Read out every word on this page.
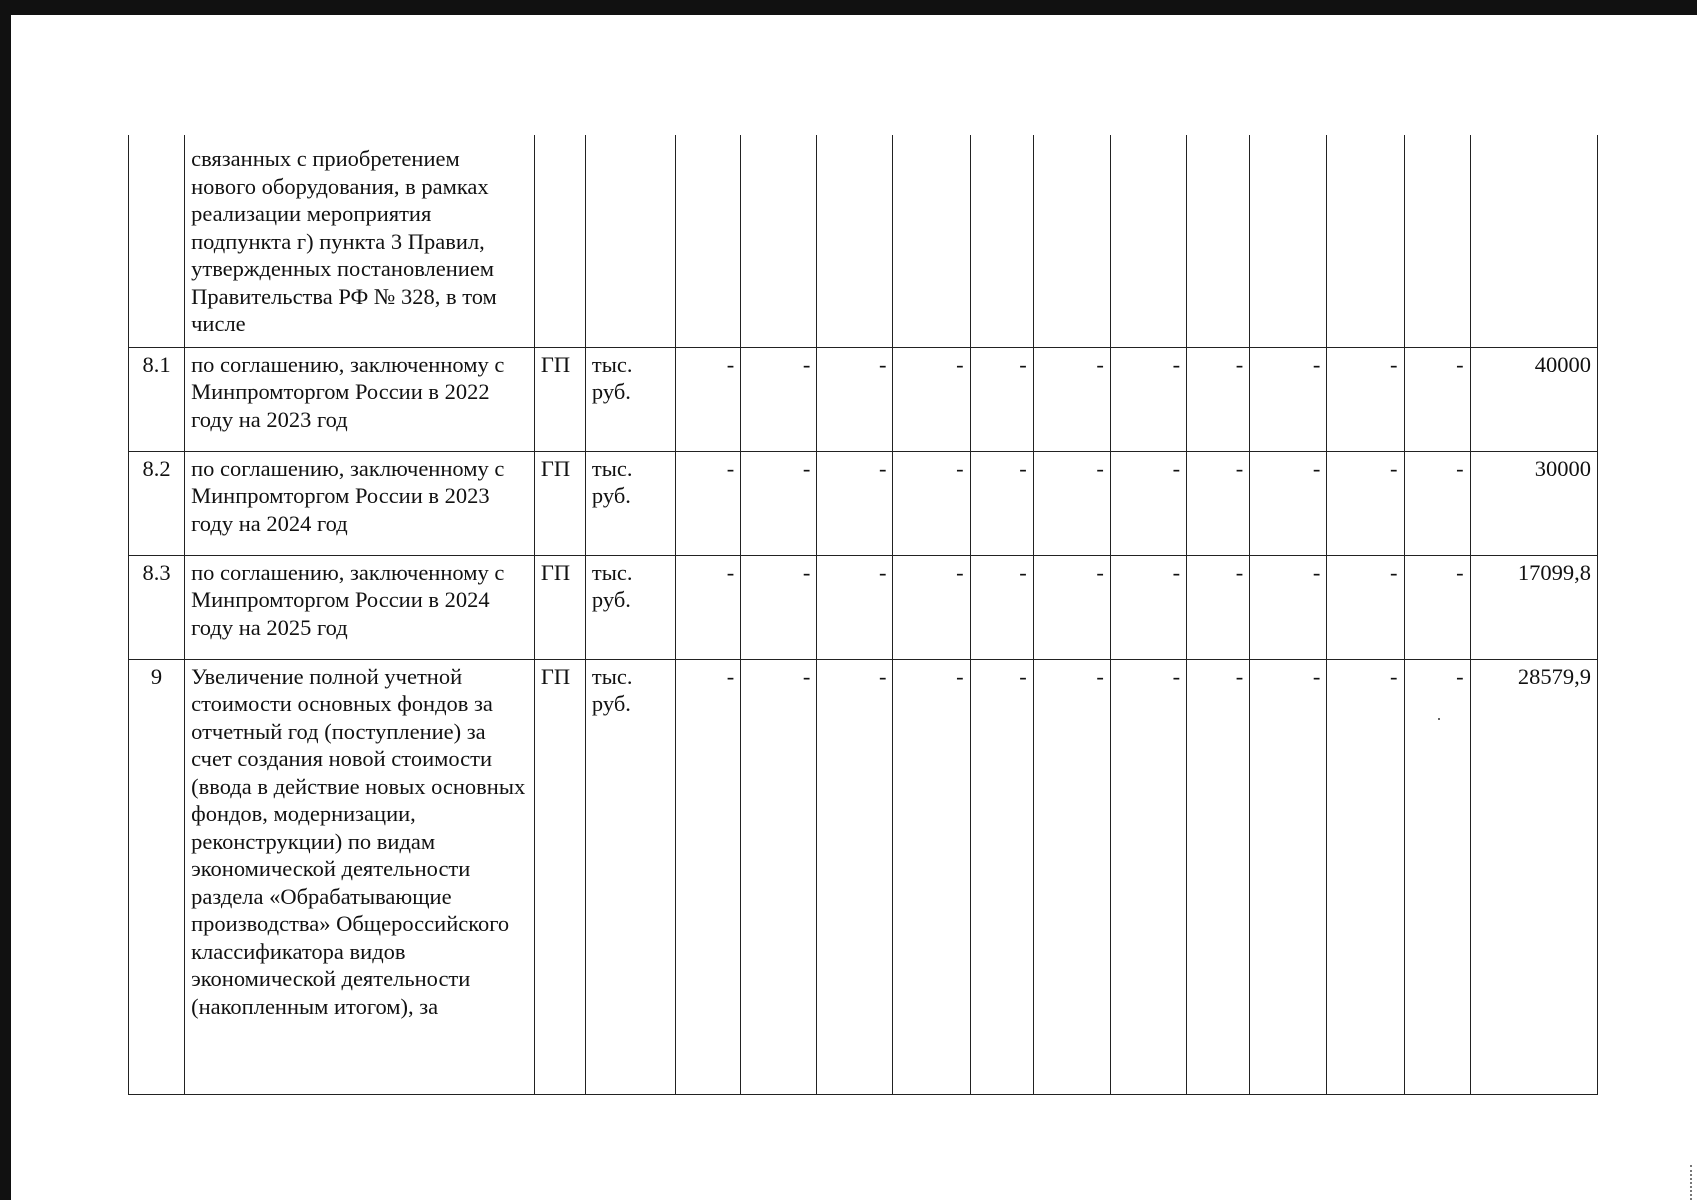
	связанных с приобретением нового оборудования, в рамках реализации мероприятия подпункта г) пункта 3 Правил, утвержденных постановлением Правительства РФ № 328, в том числе														
8.1	по соглашению, заключенному с Минпромторгом России в 2022 году на 2023 год	ГП	тыс. руб.	-	-	-	-	-	-	-	-	-	-	-	40000
8.2	по соглашению, заключенному с Минпромторгом России в 2023 году на 2024 год	ГП	тыс. руб.	-	-	-	-	-	-	-	-	-	-	-	30000
8.3	по соглашению, заключенному с Минпромторгом России в 2024 году на 2025 год	ГП	тыс. руб.	-	-	-	-	-	-	-	-	-	-	-	17099,8
9	Увеличение полной учетной стоимости основных фондов за отчетный год (поступление) за счет создания новой стоимости (ввода в действие новых основных фондов, модернизации, реконструкции) по видам экономической деятельности раздела «Обрабатывающие производства» Общероссийского классификатора видов экономической деятельности (накопленным итогом), за	ГП	тыс. руб.	-	-	-	-	-	-	-	-	-	-	-	28579,9
